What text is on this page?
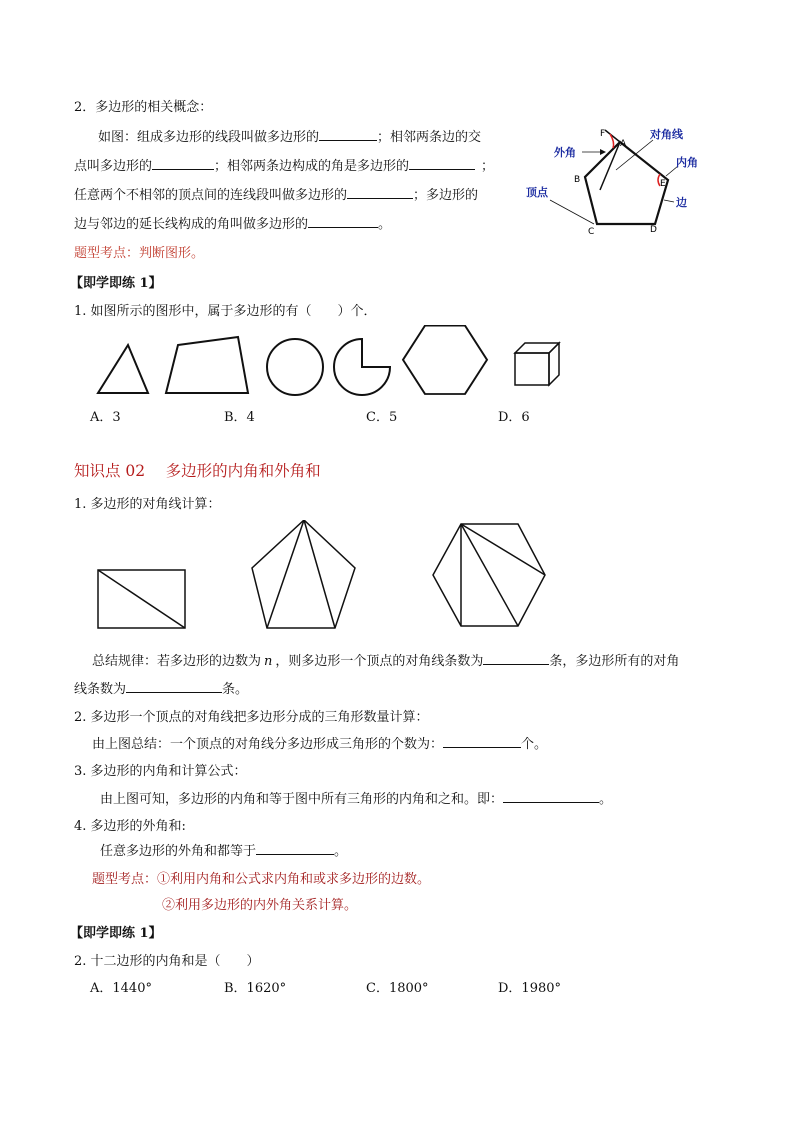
2．多边形的相关概念：
如图：组成多边形的线段叫做多边形的	；相邻两条边的交
点叫多边形的	；相邻两条边构成的角是多边形的	；
任意两个不相邻的顶点间的连线段叫做多边形的	；多边形的
边与邻边的延长线构成的角叫做多边形的	。
题型考点：判断图形。
F
A
B
C	D
E
对角线
外角
内角
顶点
边
【即学即练 1】
1. 如图所示的图形中，属于多边形的有（　　）个．
A．3	B．4	C．5	D．6
知识点 02　 多边形的内角和外角和
1. 多边形的对角线计算：
总结规律：若多边形的边数为 n ，则多边形一个顶点的对角线条数为	条，多边形所有的对角
线条数为	条。
2. 多边形一个顶点的对角线把多边形分成的三角形数量计算：
由上图总结：一个顶点的对角线分多边形成三角形的个数为：	个。
3. 多边形的内角和计算公式：
由上图可知，多边形的内角和等于图中所有三角形的内角和之和。即：	。
4. 多边形的外角和:
任意多边形的外角和都等于	。
题型考点：①利用内角和公式求内角和或求多边形的边数。
②利用多边形的内外角关系计算。
【即学即练 1】
2. 十二边形的内角和是（　　）
A．1440°	B．1620°	C．1800°	D．1980°
